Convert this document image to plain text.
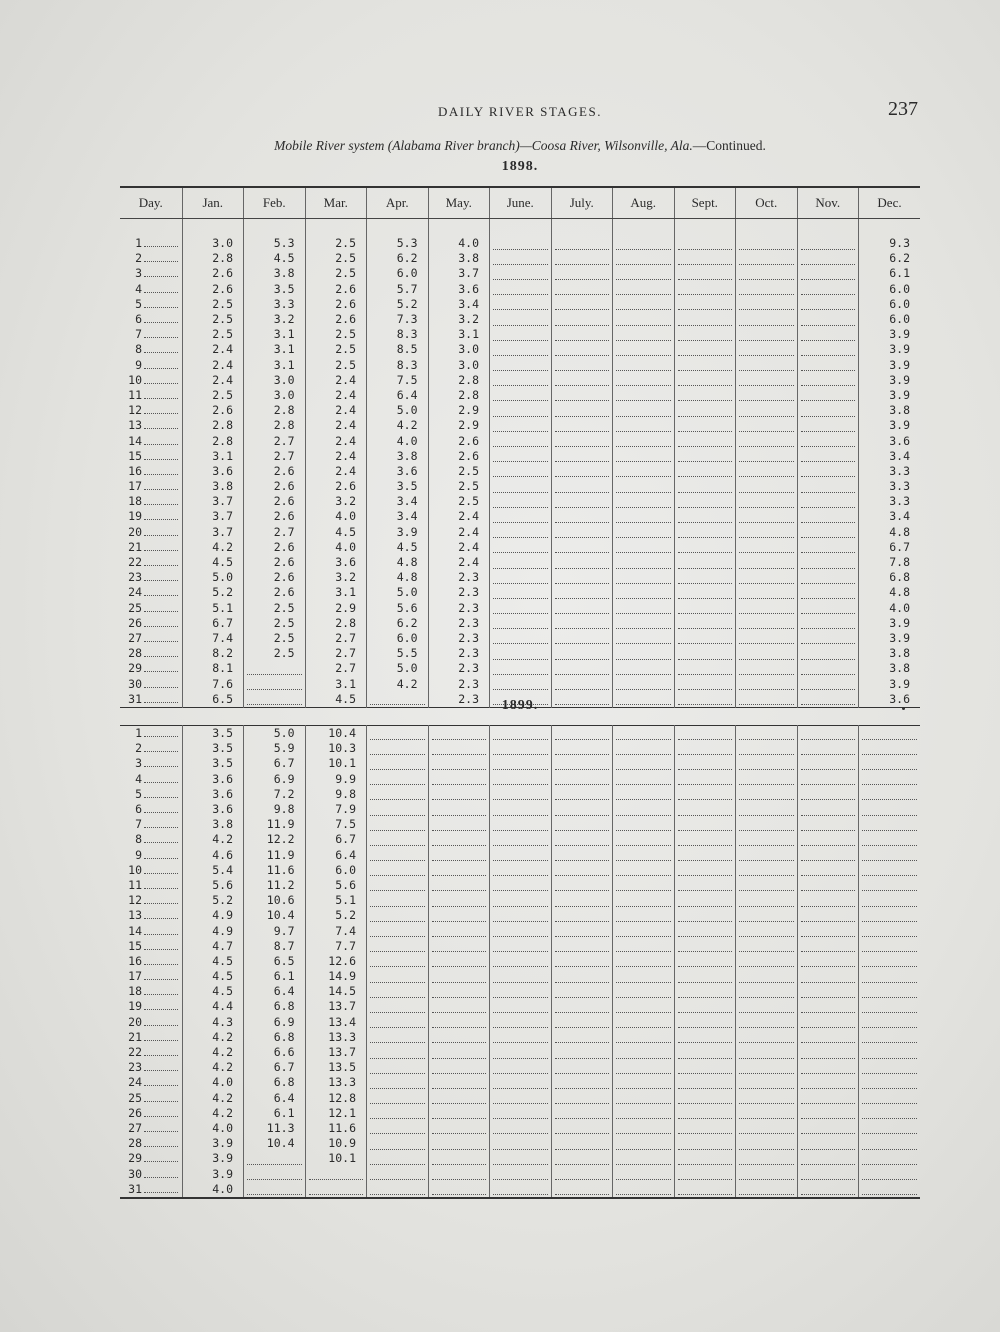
DAILY RIVER STAGES.	237
Mobile River system (Alabama River branch)—Coosa River, Wilsonville, Ala.—Continued.
1898.
Day.	Jan.	Feb.	Mar.	Apr.	May.	June.	July.	Aug.	Sept.	Oct.	Nov.	Dec.

1	3.0	5.3	2.5	5.3	4.0							9.3
2	2.8	4.5	2.5	6.2	3.8							6.2
3	2.6	3.8	2.5	6.0	3.7							6.1
4	2.6	3.5	2.6	5.7	3.6							6.0
5	2.5	3.3	2.6	5.2	3.4							6.0
6	2.5	3.2	2.6	7.3	3.2							6.0
7	2.5	3.1	2.5	8.3	3.1							3.9
8	2.4	3.1	2.5	8.5	3.0							3.9
9	2.4	3.1	2.5	8.3	3.0							3.9
10	2.4	3.0	2.4	7.5	2.8							3.9
11	2.5	3.0	2.4	6.4	2.8							3.9
12	2.6	2.8	2.4	5.0	2.9							3.8
13	2.8	2.8	2.4	4.2	2.9							3.9
14	2.8	2.7	2.4	4.0	2.6							3.6
15	3.1	2.7	2.4	3.8	2.6							3.4
16	3.6	2.6	2.4	3.6	2.5							3.3
17	3.8	2.6	2.6	3.5	2.5							3.3
18	3.7	2.6	3.2	3.4	2.5							3.3
19	3.7	2.6	4.0	3.4	2.4							3.4
20	3.7	2.7	4.5	3.9	2.4							4.8
21	4.2	2.6	4.0	4.5	2.4							6.7
22	4.5	2.6	3.6	4.8	2.4							7.8
23	5.0	2.6	3.2	4.8	2.3							6.8
24	5.2	2.6	3.1	5.0	2.3							4.8
25	5.1	2.5	2.9	5.6	2.3							4.0
26	6.7	2.5	2.8	6.2	2.3							3.9
27	7.4	2.5	2.7	6.0	2.3							3.9
28	8.2	2.5	2.7	5.5	2.3							3.8
29	8.1		2.7	5.0	2.3							3.8
30	7.6		3.1	4.2	2.3							3.9
31	6.5		4.5		2.3							3.6
1899.
1	3.5	5.0	10.4	

2	3.5	5.9	10.3	

3	3.5	6.7	10.1	

4	3.6	6.9	9.9	

5	3.6	7.2	9.8	

6	3.6	9.8	7.9	

7	3.8	11.9	7.5	

8	4.2	12.2	6.7	

9	4.6	11.9	6.4	

10	5.4	11.6	6.0	

11	5.6	11.2	5.6	

12	5.2	10.6	5.1	

13	4.9	10.4	5.2	

14	4.9	9.7	7.4	

15	4.7	8.7	7.7	

16	4.5	6.5	12.6	

17	4.5	6.1	14.9	

18	4.5	6.4	14.5	

19	4.4	6.8	13.7	

20	4.3	6.9	13.4	

21	4.2	6.8	13.3	

22	4.2	6.6	13.7	

23	4.2	6.7	13.5	

24	4.0	6.8	13.3	

25	4.2	6.4	12.8	

26	4.2	6.1	12.1	

27	4.0	11.3	11.6	

28	3.9	10.4	10.9	

29	3.9		10.1	

30	3.9	

31	4.0	
